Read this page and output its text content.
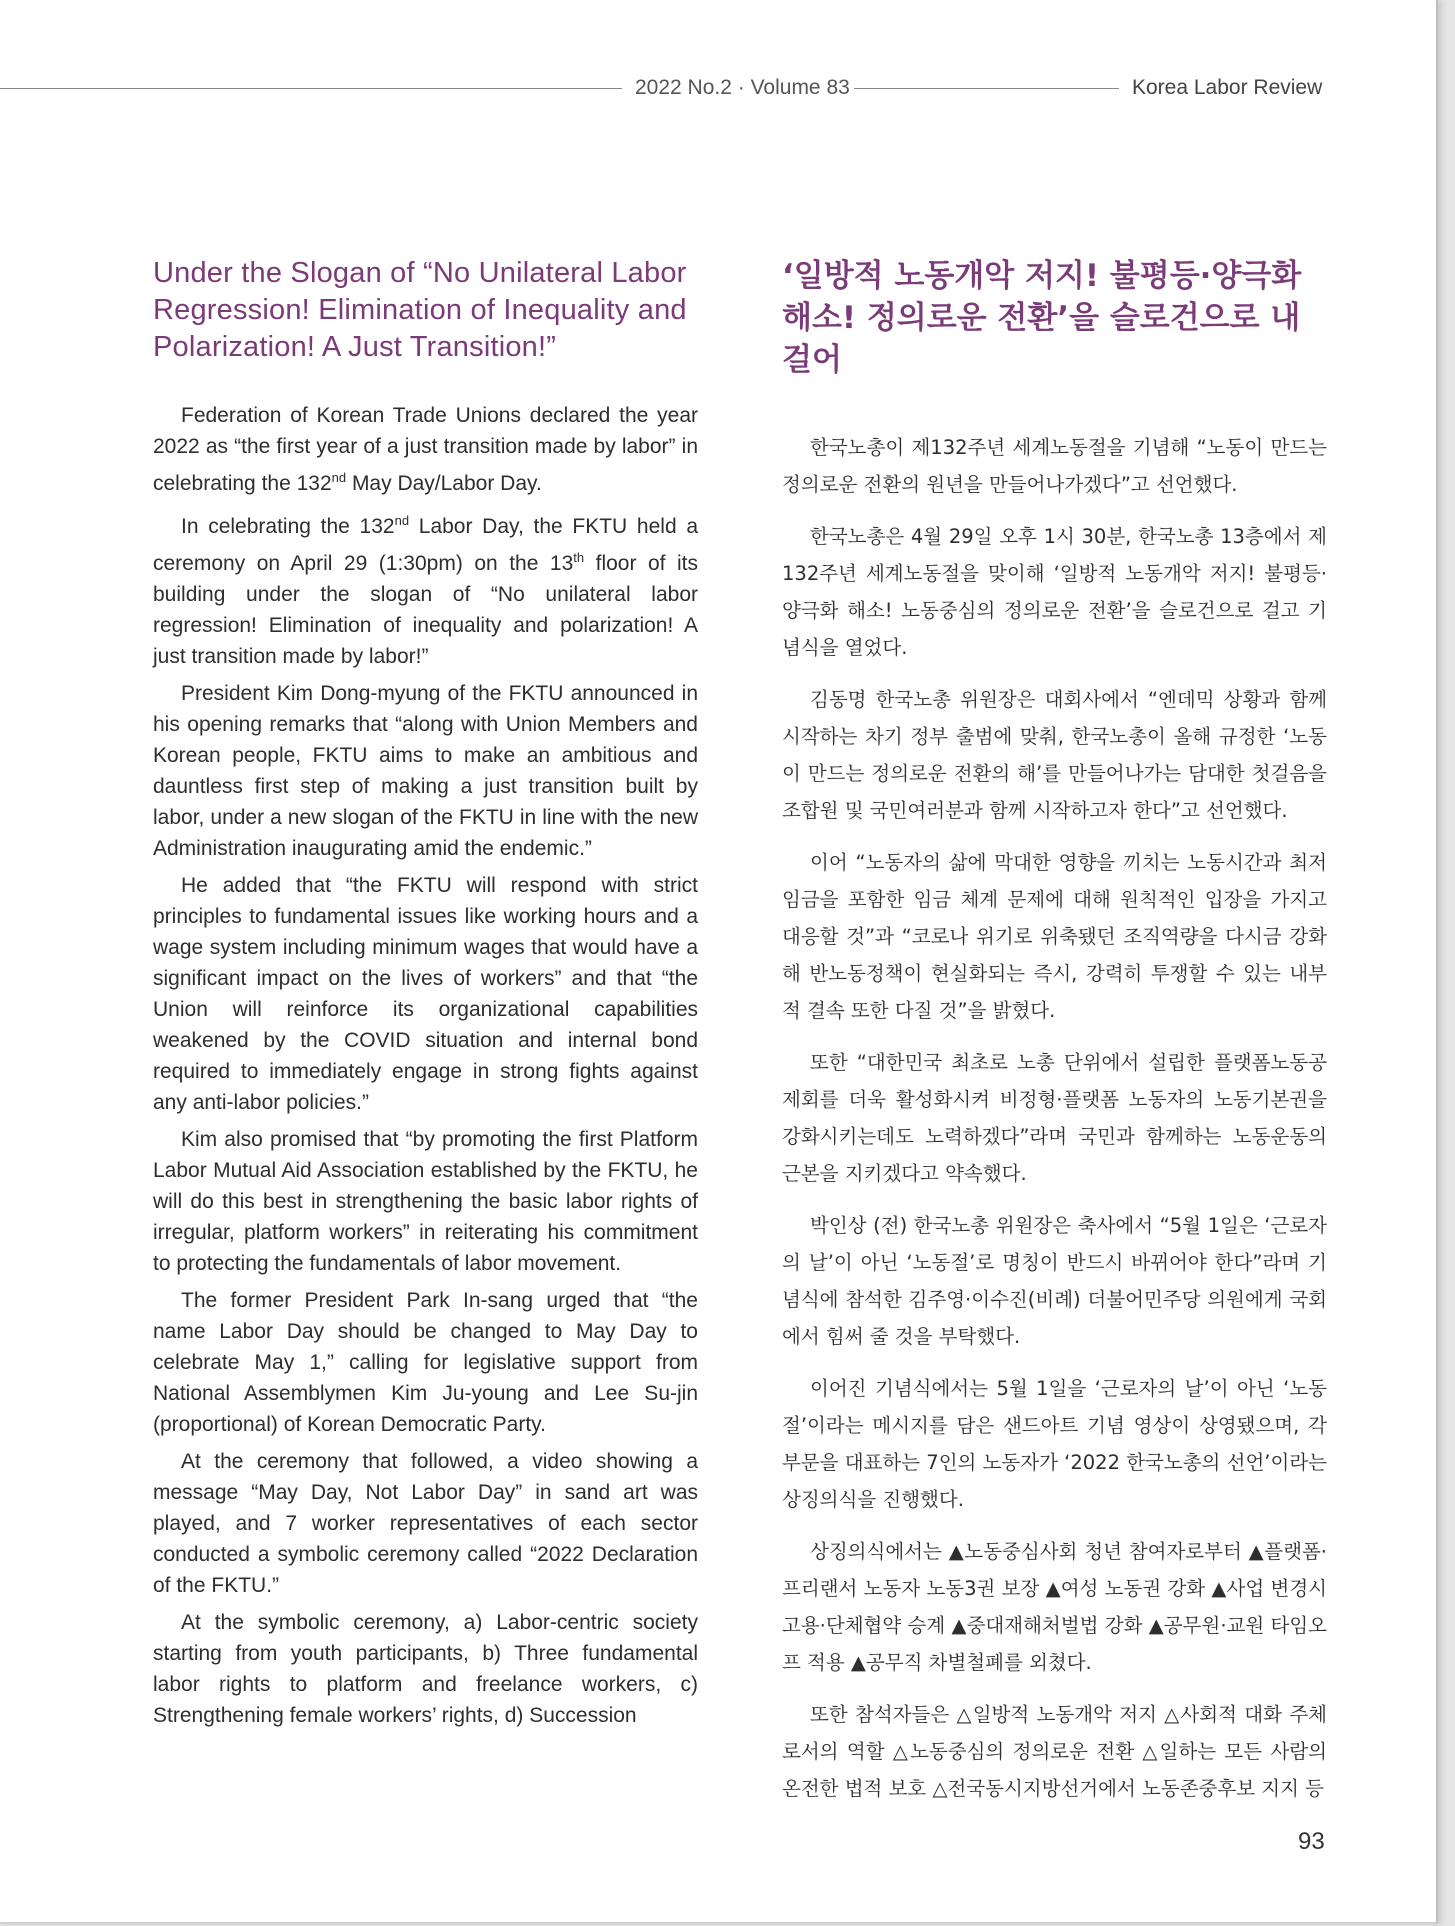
2022 No.2 · Volume 83	Korea Labor Review
Under the Slogan of “No Unilateral Labor Regression! Elimination of Inequality and Polarization! A Just Transition!”

Federation of Korean Trade Unions declared the year 2022 as “the first year of a just transition made by labor” in celebrating the 132nd May Day/Labor Day.

In celebrating the 132nd Labor Day, the FKTU held a ceremony on April 29 (1:30pm) on the 13th floor of its building under the slogan of “No unilateral labor regression! Elimination of inequality and polarization! A just transition made by labor!”

President Kim Dong-myung of the FKTU announced in his opening remarks that “along with Union Members and Korean people, FKTU aims to make an ambitious and dauntless first step of making a just transition built by labor, under a new slogan of the FKTU in line with the new Administration inaugurating amid the endemic.”

He added that “the FKTU will respond with strict principles to fundamental issues like working hours and a wage system including minimum wages that would have a significant impact on the lives of workers” and that “the Union will reinforce its organizational capabilities weakened by the COVID situation and internal bond required to immediately engage in strong fights against any anti-labor policies.”

Kim also promised that “by promoting the first Platform Labor Mutual Aid Association established by the FKTU, he will do this best in strengthening the basic labor rights of irregular, platform workers” in reiterating his commitment to protecting the fundamentals of labor movement.

The former President Park In-sang urged that “the name Labor Day should be changed to May Day to celebrate May 1,” calling for legislative support from National Assemblymen Kim Ju-young and Lee Su-jin (proportional) of Korean Democratic Party.

At the ceremony that followed, a video showing a message “May Day, Not Labor Day” in sand art was played, and 7 worker representatives of each sector conducted a symbolic ceremony called “2022 Declaration of the FKTU.”

At the symbolic ceremony, a) Labor-centric society starting from youth participants, b) Three fundamental labor rights to platform and freelance workers, c) Strengthening female workers’ rights, d) Succession

‘일방적 노동개악 저지! 불평등·양극화 해소! 정의로운 전환’을 슬로건으로 내걸어

한국노총이 제132주년 세계노동절을 기념해 “노동이 만드는 정의로운 전환의 원년을 만들어나가겠다”고 선언했다.

한국노총은 4월 29일 오후 1시 30분, 한국노총 13층에서 제132주년 세계노동절을 맞이해 ‘일방적 노동개악 저지! 불평등·양극화 해소! 노동중심의 정의로운 전환’을 슬로건으로 걸고 기념식을 열었다.

김동명 한국노총 위원장은 대회사에서 “엔데믹 상황과 함께 시작하는 차기 정부 출범에 맞춰, 한국노총이 올해 규정한 ‘노동이 만드는 정의로운 전환의 해’를 만들어나가는 담대한 첫걸음을 조합원 및 국민여러분과 함께 시작하고자 한다”고 선언했다.

이어 “노동자의 삶에 막대한 영향을 끼치는 노동시간과 최저임금을 포함한 임금 체계 문제에 대해 원칙적인 입장을 가지고 대응할 것”과 “코로나 위기로 위축됐던 조직역량을 다시금 강화해 반노동정책이 현실화되는 즉시, 강력히 투쟁할 수 있는 내부적 결속 또한 다질 것”을 밝혔다.

또한 “대한민국 최초로 노총 단위에서 설립한 플랫폼노동공제회를 더욱 활성화시켜 비정형·플랫폼 노동자의 노동기본권을 강화시키는데도 노력하겠다”라며 국민과 함께하는 노동운동의 근본을 지키겠다고 약속했다.

박인상 (전) 한국노총 위원장은 축사에서 “5월 1일은 ‘근로자의 날’이 아닌 ‘노동절’로 명칭이 반드시 바뀌어야 한다”라며 기념식에 참석한 김주영·이수진(비례) 더불어민주당 의원에게 국회에서 힘써 줄 것을 부탁했다.

이어진 기념식에서는 5월 1일을 ‘근로자의 날’이 아닌 ‘노동절’이라는 메시지를 담은 샌드아트 기념 영상이 상영됐으며, 각 부문을 대표하는 7인의 노동자가 ‘2022 한국노총의 선언’이라는 상징의식을 진행했다.

상징의식에서는 ▲노동중심사회 청년 참여자로부터 ▲플랫폼·프리랜서 노동자 노동3권 보장 ▲여성 노동권 강화 ▲사업 변경시 고용·단체협약 승계 ▲중대재해처벌법 강화 ▲공무원·교원 타임오프 적용 ▲공무직 차별철폐를 외쳤다.

또한 참석자들은 △일방적 노동개악 저지 △사회적 대화 주체로서의 역할 △노동중심의 정의로운 전환 △일하는 모든 사람의 온전한 법적 보호 △전국동시지방선거에서 노동존중후보 지지 등

93
